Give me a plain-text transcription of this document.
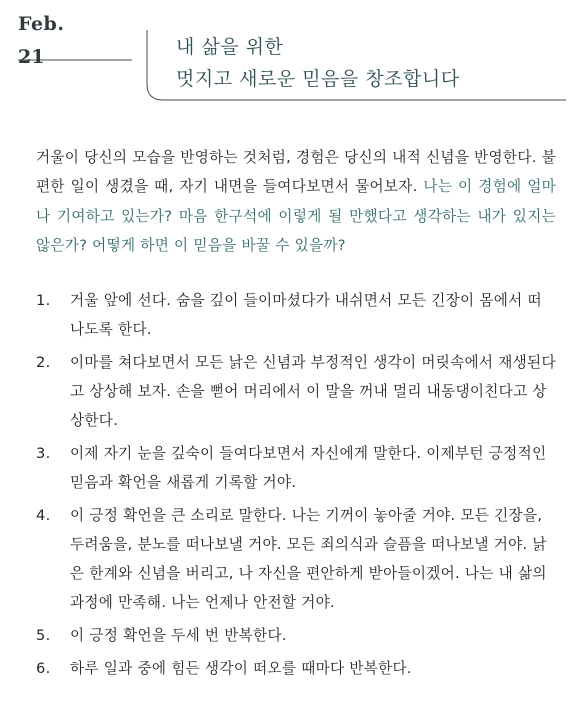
Feb.
21	내 삶을 위한
멋지고 새로운 믿음을 창조합니다

거울이 당신의 모습을 반영하는 것처럼, 경험은 당신의 내적 신념을 반영한다. 불편한 일이 생겼을 때, 자기 내면을 들여다보면서 물어보자. 나는 이 경험에 얼마나 기여하고 있는가? 마음 한구석에 이렇게 될 만했다고 생각하는 내가 있지는 않은가? 어떻게 하면 이 믿음을 바꿀 수 있을까?

1.	거울 앞에 선다. 숨을 깊이 들이마셨다가 내쉬면서 모든 긴장이 몸에서 떠나도록 한다.
2.	이마를 쳐다보면서 모든 낡은 신념과 부정적인 생각이 머릿속에서 재생된다고 상상해 보자. 손을 뻗어 머리에서 이 말을 꺼내 멀리 내동댕이친다고 상상한다.
3.	이제 자기 눈을 깊숙이 들여다보면서 자신에게 말한다. 이제부턴 긍정적인 믿음과 확언을 새롭게 기록할 거야.
4.	이 긍정 확언을 큰 소리로 말한다. 나는 기꺼이 놓아줄 거야. 모든 긴장을, 두려움을, 분노를 떠나보낼 거야. 모든 죄의식과 슬픔을 떠나보낼 거야. 낡은 한계와 신념을 버리고, 나 자신을 편안하게 받아들이겠어. 나는 내 삶의 과정에 만족해. 나는 언제나 안전할 거야.
5.	이 긍정 확언을 두세 번 반복한다.
6.	하루 일과 중에 힘든 생각이 떠오를 때마다 반복한다.
